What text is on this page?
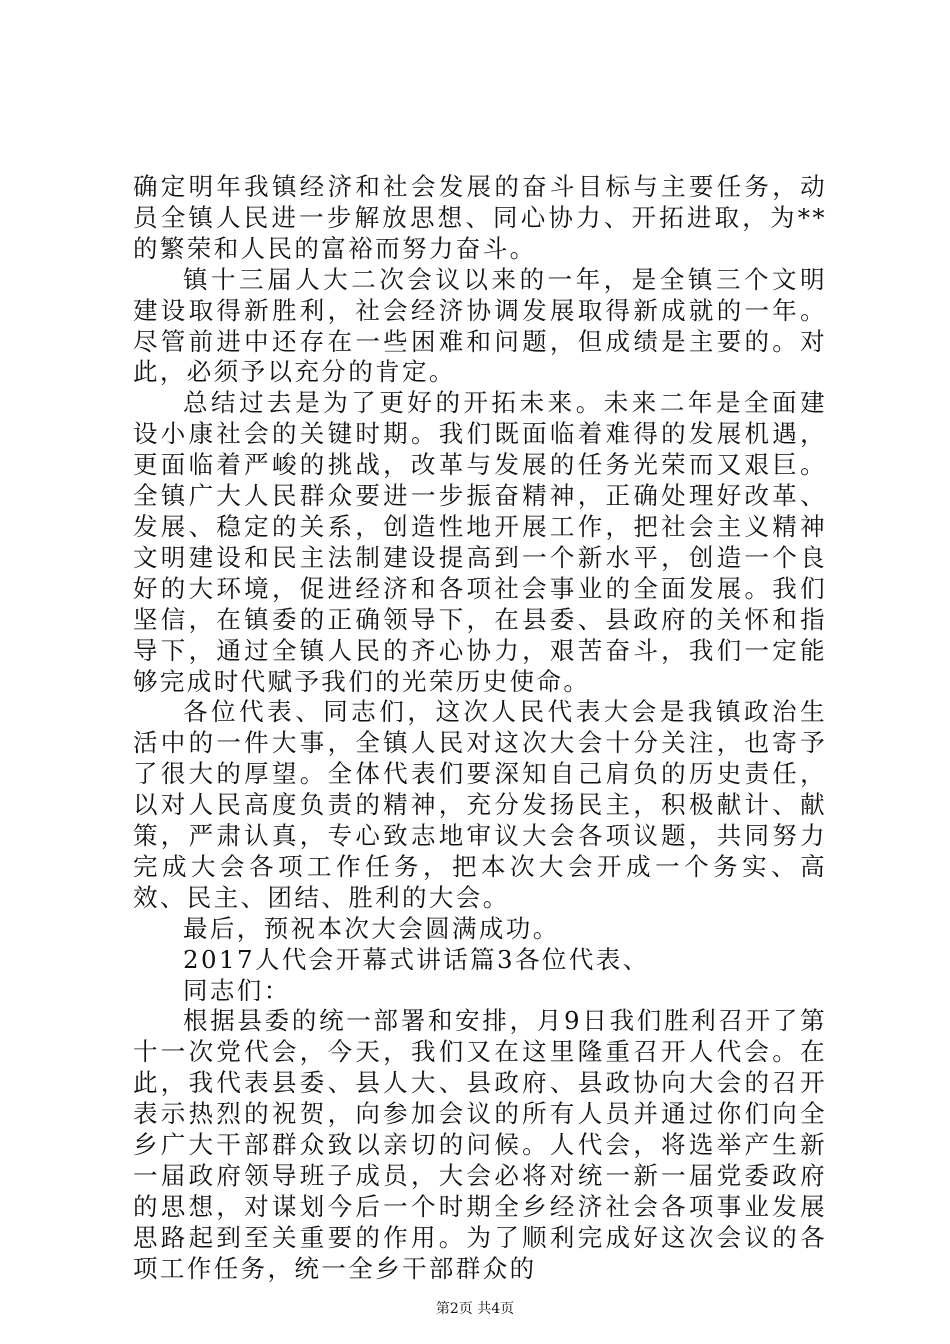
确定明年我镇经济和社会发展的奋斗目标与主要任务，动员全镇人民进一步解放思想、同心协力、开拓进取，为**的繁荣和人民的富裕而努力奋斗。

镇十三届人大二次会议以来的一年，是全镇三个文明建设取得新胜利，社会经济协调发展取得新成就的一年。尽管前进中还存在一些困难和问题，但成绩是主要的。对此，必须予以充分的肯定。

总结过去是为了更好的开拓未来。未来二年是全面建设小康社会的关键时期。我们既面临着难得的发展机遇，更面临着严峻的挑战，改革与发展的任务光荣而又艰巨。全镇广大人民群众要进一步振奋精神，正确处理好改革、发展、稳定的关系，创造性地开展工作，把社会主义精神文明建设和民主法制建设提高到一个新水平，创造一个良好的大环境，促进经济和各项社会事业的全面发展。我们坚信，在镇委的正确领导下，在县委、县政府的关怀和指导下，通过全镇人民的齐心协力，艰苦奋斗，我们一定能够完成时代赋予我们的光荣历史使命。

各位代表、同志们，这次人民代表大会是我镇政治生活中的一件大事，全镇人民对这次大会十分关注，也寄予了很大的厚望。全体代表们要深知自己肩负的历史责任，以对人民高度负责的精神，充分发扬民主，积极献计、献策，严肃认真，专心致志地审议大会各项议题，共同努力完成大会各项工作任务，把本次大会开成一个务实、高效、民主、团结、胜利的大会。

最后，预祝本次大会圆满成功。

2017人代会开幕式讲话篇3各位代表、

同志们：

根据县委的统一部署和安排，月9日我们胜利召开了第十一次党代会，今天，我们又在这里隆重召开人代会。在此，我代表县委、县人大、县政府、县政协向大会的召开表示热烈的祝贺，向参加会议的所有人员并通过你们向全乡广大干部群众致以亲切的问候。人代会，将选举产生新一届政府领导班子成员，大会必将对统一新一届党委政府的思想，对谋划今后一个时期全乡经济社会各项事业发展思路起到至关重要的作用。为了顺利完成好这次会议的各项工作任务，统一全乡干部群众的

第2页 共4页
